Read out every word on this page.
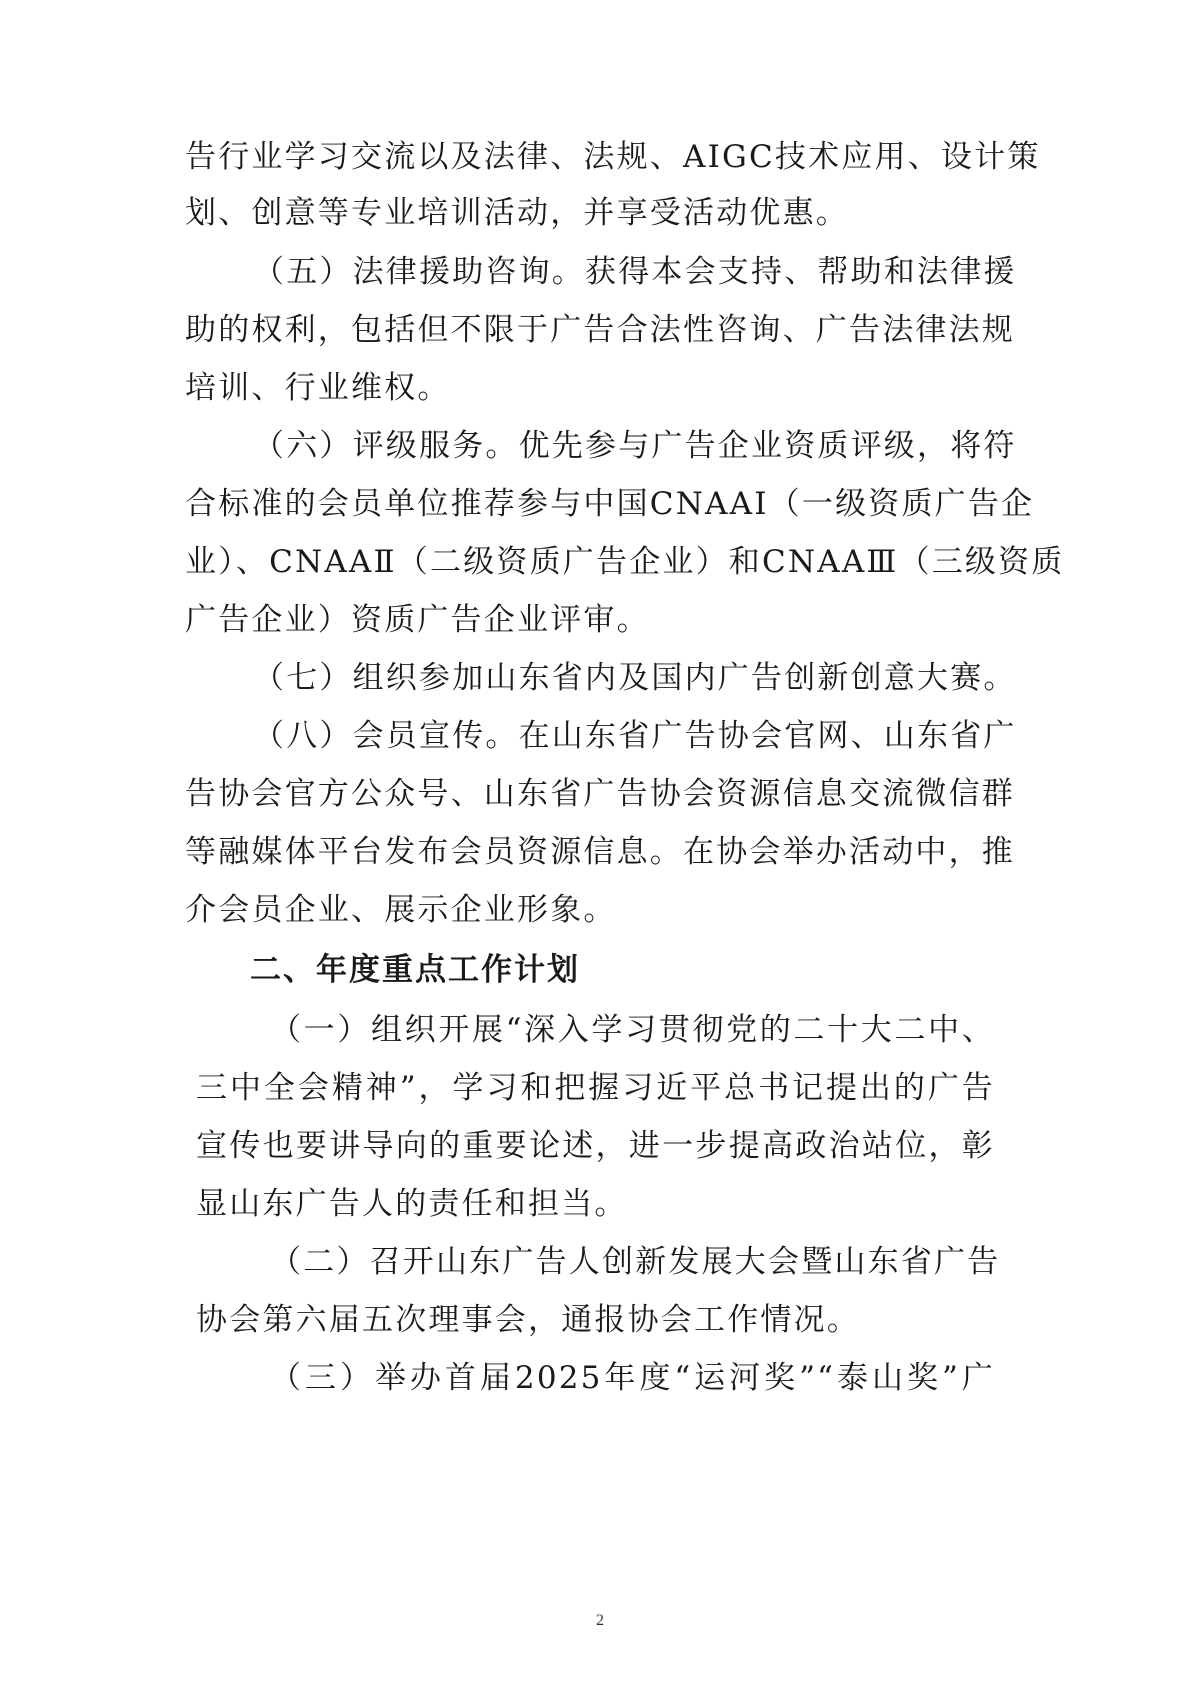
告行业学习交流以及法律、法规、AIGC技术应用、设计策
划、创意等专业培训活动，并享受活动优惠。
（五）法律援助咨询。获得本会支持、帮助和法律援
助的权利，包括但不限于广告合法性咨询、广告法律法规
培训、行业维权。
（六）评级服务。优先参与广告企业资质评级，将符
合标准的会员单位推荐参与中国CNAAⅠ（一级资质广告企
业）、CNAAⅡ（二级资质广告企业）和CNAAⅢ（三级资质
广告企业）资质广告企业评审。
（七）组织参加山东省内及国内广告创新创意大赛。
（八）会员宣传。在山东省广告协会官网、山东省广
告协会官方公众号、山东省广告协会资源信息交流微信群
等融媒体平台发布会员资源信息。在协会举办活动中，推
介会员企业、展示企业形象。
二、年度重点工作计划
（一）组织开展“深入学习贯彻党的二十大二中、
三中全会精神”，学习和把握习近平总书记提出的广告
宣传也要讲导向的重要论述，进一步提高政治站位，彰
显山东广告人的责任和担当。
（二）召开山东广告人创新发展大会暨山东省广告
协会第六届五次理事会，通报协会工作情况。
（三）举办首届2025年度“运河奖”“泰山奖”广
2
